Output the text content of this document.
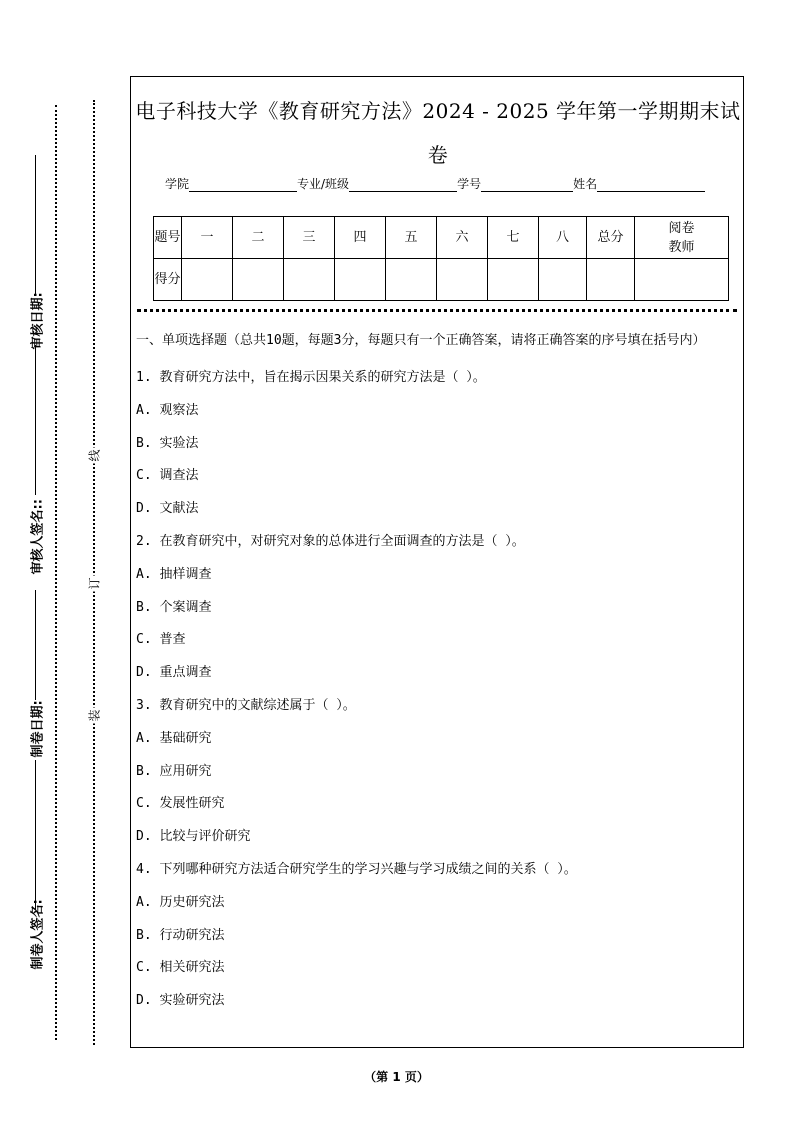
审核日期:
审核人签名::
制卷日期:
制卷人签名:
线
订
装
电子科技大学《教育研究方法》2024 - 2025 学年第一学期期末试卷
学院	专业/班级	学号	姓名
题号	一	二	三	四	五	六	七	八	总分	阅卷教师
得分										
一、单项选择题（总共10题，每题3分，每题只有一个正确答案，请将正确答案的序号填在括号内）
1. 教育研究方法中，旨在揭示因果关系的研究方法是（ ）。
A. 观察法
B. 实验法
C. 调查法
D. 文献法
2. 在教育研究中，对研究对象的总体进行全面调查的方法是（ ）。
A. 抽样调查
B. 个案调查
C. 普查
D. 重点调查
3. 教育研究中的文献综述属于（ ）。
A. 基础研究
B. 应用研究
C. 发展性研究
D. 比较与评价研究
4. 下列哪种研究方法适合研究学生的学习兴趣与学习成绩之间的关系（ ）。
A. 历史研究法
B. 行动研究法
C. 相关研究法
D. 实验研究法
（第 1 页）
